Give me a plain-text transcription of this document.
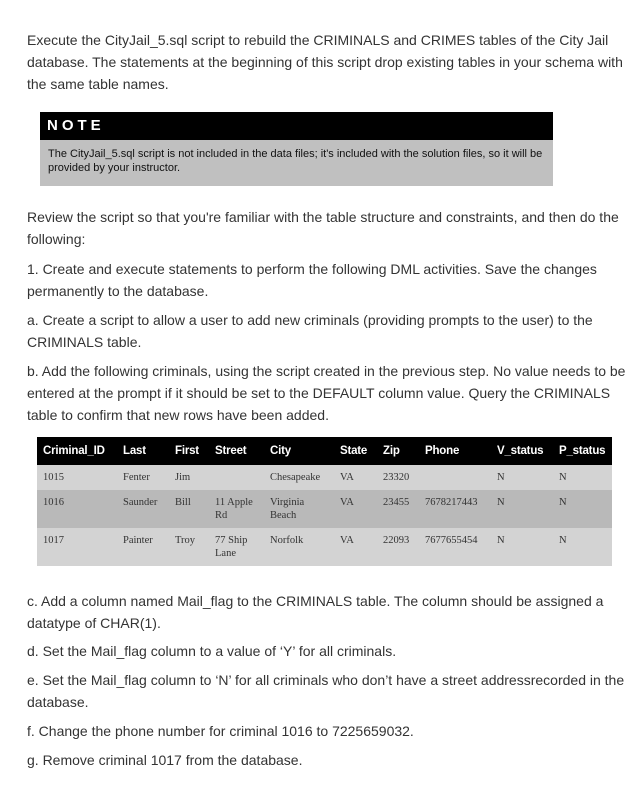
Execute the CityJail_5.sql script to rebuild the CRIMINALS and CRIMES tables of the City Jail database. The statements at the beginning of this script drop existing tables in your schema with the same table names.

NOTE
The CityJail_5.sql script is not included in the data files; it's included with the solution files, so it will be provided by your instructor.

Review the script so that you're familiar with the table structure and constraints, and then do the following:

1. Create and execute statements to perform the following DML activities. Save the changes permanently to the database.

a. Create a script to allow a user to add new criminals (providing prompts to the user) to the CRIMINALS table.

b. Add the following criminals, using the script created in the previous step. No value needs to be entered at the prompt if it should be set to the DEFAULT column value. Query the CRIMINALS table to confirm that new rows have been added.

Criminal_ID	Last	First	Street	City	State	Zip	Phone	V_status	P_status
1015	Fenter	Jim		Chesapeake	VA	23320		N	N
1016	Saunder	Bill	11 Apple Rd	Virginia Beach	VA	23455	7678217443	N	N
1017	Painter	Troy	77 Ship Lane	Norfolk	VA	22093	7677655454	N	N

c. Add a column named Mail_flag to the CRIMINALS table. The column should be assigned a datatype of CHAR(1).

d. Set the Mail_flag column to a value of ‘Y’ for all criminals.

e. Set the Mail_flag column to ‘N’ for all criminals who don’t have a street addressrecorded in the database.

f. Change the phone number for criminal 1016 to 7225659032.

g. Remove criminal 1017 from the database.
